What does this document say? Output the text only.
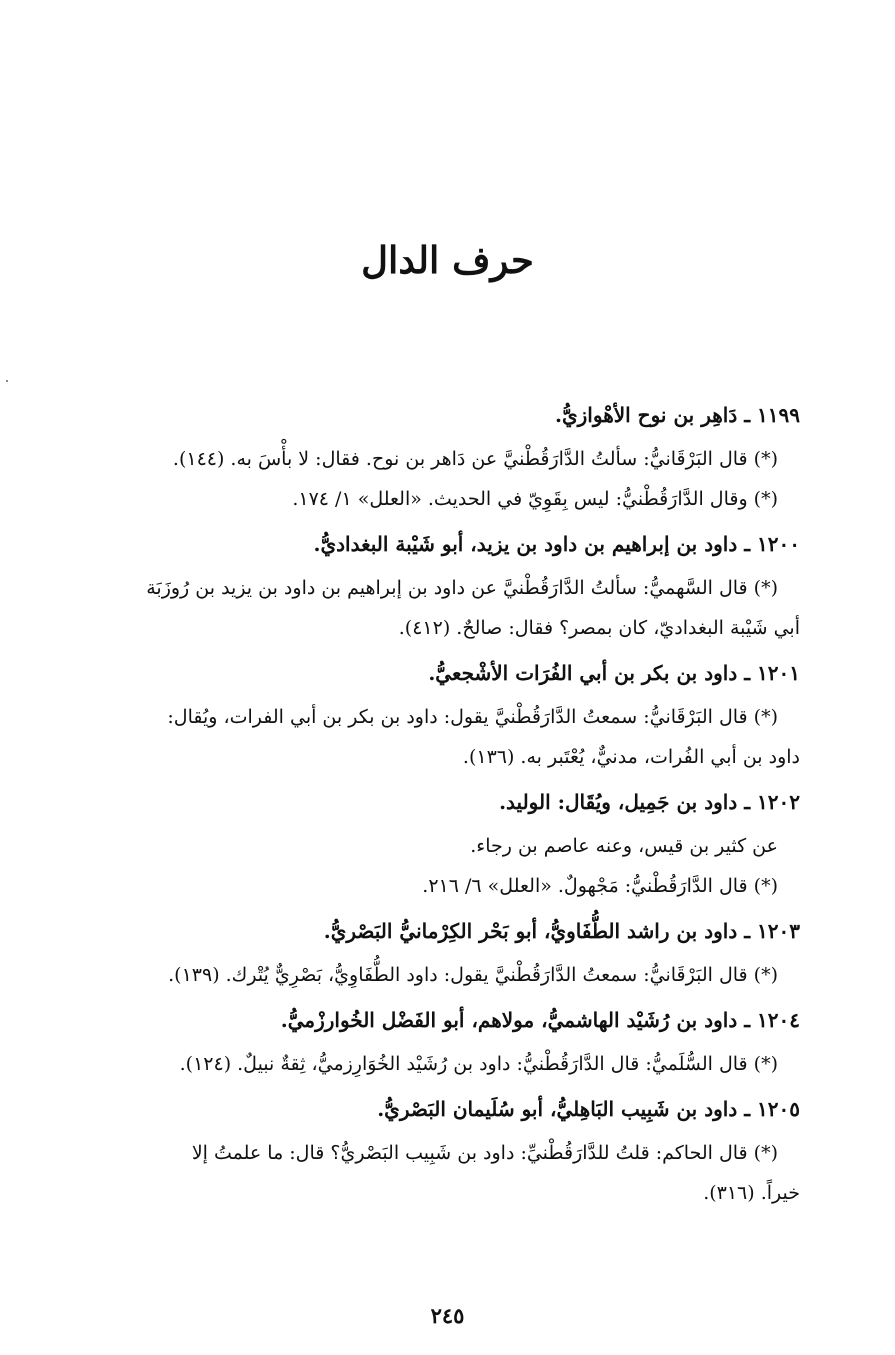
حرف الدال

١١٩٩ ـ دَاهِر بن نوح الأهْوازيُّ.

(*) قال البَرْقَانيُّ: سألتُ الدَّارَقُطْنيَّ عن دَاهر بن نوح. فقال: لا بأْسَ به. (١٤٤).

(*) وقال الدَّارَقُطْنيُّ: ليس بِقَوِيّ في الحديث. «العلل» ١/ ١٧٤.

١٢٠٠ ـ داود بن إبراهيم بن داود بن يزيد، أبو شَيْبة البغداديُّ.

(*) قال السَّهميُّ: سألتُ الدَّارَقُطْنيَّ عن داود بن إبراهيم بن داود بن يزيد بن رُوزَبَة

أبي شَيْبة البغداديّ، كان بمصر؟ فقال: صالحٌ. (٤١٢).

١٢٠١ ـ داود بن بكر بن أبي الفُرَات الأشْجعيُّ.

(*) قال البَرْقَانيُّ: سمعتُ الدَّارَقُطْنيَّ يقول: داود بن بكر بن أبي الفرات، ويُقال:

داود بن أبي الفُرات، مدنيٌّ، يُعْتَبر به. (١٣٦).

١٢٠٢ ـ داود بن جَمِيل، ويُقَال: الوليد.

عن كثير بن قيس، وعنه عاصم بن رجاء.

(*) قال الدَّارَقُطْنيُّ: مَجْهولٌ. «العلل» ٦/ ٢١٦.

١٢٠٣ ـ داود بن راشد الطُّفَاويُّ، أبو بَحْر الكِرْمانيُّ البَصْريُّ.

(*) قال البَرْقَانيُّ: سمعتُ الدَّارَقُطْنيَّ يقول: داود الطُّفَاوِيُّ، بَصْرِيٌّ يُتْرك. (١٣٩).

١٢٠٤ ـ داود بن رُشَيْد الهاشميُّ، مولاهم، أبو الفَضْل الخُوارزْميُّ.

(*) قال السُّلَميُّ: قال الدَّارَقُطْنيُّ: داود بن رُشَيْد الخُوَارِزميُّ، ثِقةٌ نبيلٌ. (١٢٤).

١٢٠٥ ـ داود بن شَبِيب البَاهِليُّ، أبو سُلَيمان البَصْريُّ.

(*) قال الحاكم: قلتُ للدَّارَقُطْنيِّ: داود بن شَبِيب البَصْريُّ؟ قال: ما علمتُ إلا

خيراً. (٣١٦).

٢٤٥
